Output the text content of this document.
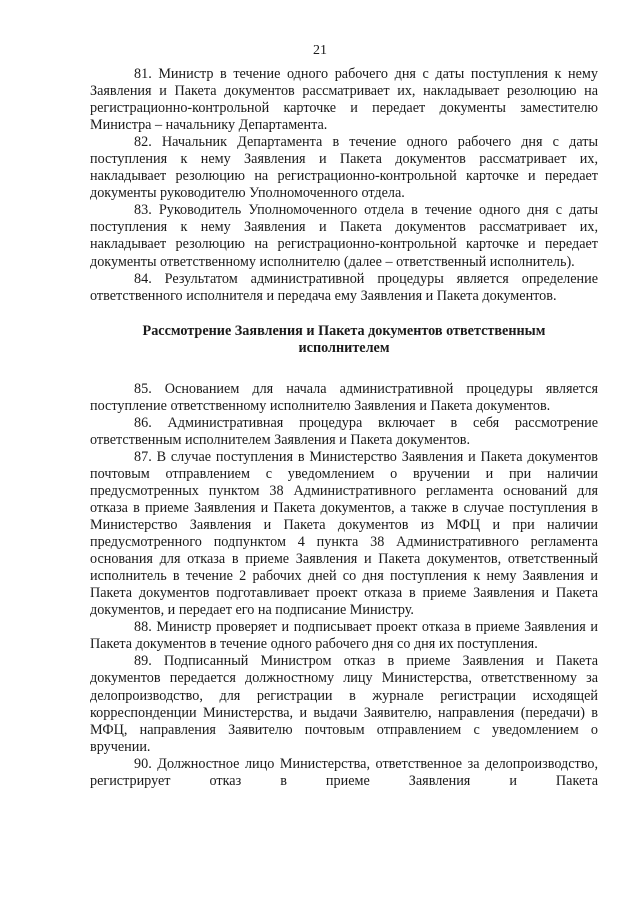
21

81. Министр в течение одного рабочего дня с даты поступления к нему Заявления и Пакета документов рассматривает их, накладывает резолюцию на регистрационно-контрольной карточке и передает документы заместителю Министра – начальнику Департамента.

82. Начальник Департамента в течение одного рабочего дня с даты поступления к нему Заявления и Пакета документов рассматривает их, накладывает резолюцию на регистрационно-контрольной карточке и передает документы руководителю Уполномоченного отдела.

83. Руководитель Уполномоченного отдела в течение одного дня с даты поступления к нему Заявления и Пакета документов рассматривает их, накладывает резолюцию на регистрационно-контрольной карточке и передает документы ответственному исполнителю (далее – ответственный исполнитель).

84. Результатом административной процедуры является определение ответственного исполнителя и передача ему Заявления и Пакета документов.

Рассмотрение Заявления и Пакета документов ответственным исполнителем

85. Основанием для начала административной процедуры является поступление ответственному исполнителю Заявления и Пакета документов.

86. Административная процедура включает в себя рассмотрение ответственным исполнителем Заявления и Пакета документов.

87. В случае поступления в Министерство Заявления и Пакета документов почтовым отправлением с уведомлением о вручении и при наличии предусмотренных пунктом 38 Административного регламента оснований для отказа в приеме Заявления и Пакета документов, а также в случае поступления в Министерство Заявления и Пакета документов из МФЦ и при наличии предусмотренного подпунктом 4 пункта 38 Административного регламента основания для отказа в приеме Заявления и Пакета документов, ответственный исполнитель в течение 2 рабочих дней со дня поступления к нему Заявления и Пакета документов подготавливает проект отказа в приеме Заявления и Пакета документов, и передает его на подписание Министру.

88. Министр проверяет и подписывает проект отказа в приеме Заявления и Пакета документов в течение одного рабочего дня со дня их поступления.

89. Подписанный Министром отказ в приеме Заявления и Пакета документов передается должностному лицу Министерства, ответственному за делопроизводство, для регистрации в журнале регистрации исходящей корреспонденции Министерства, и выдачи Заявителю, направления (передачи) в МФЦ, направления Заявителю почтовым отправлением с уведомлением о вручении.

90. Должностное лицо Министерства, ответственное за делопроизводство, регистрирует отказ в приеме Заявления и Пакета
